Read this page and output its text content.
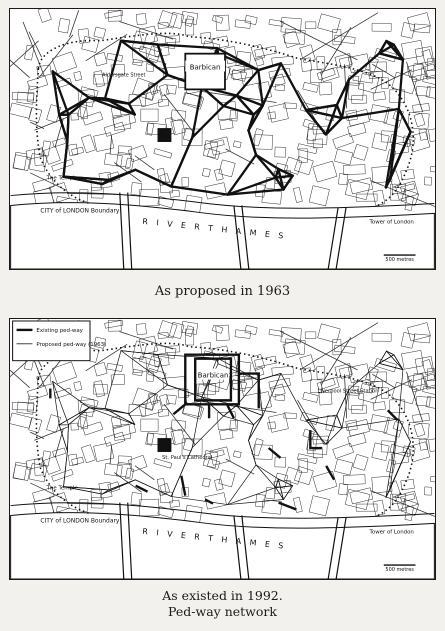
Barbican
Aldersgate Street
The Temple
CITY of LONDON Boundary
R I V E R T H A M E S	Tower of London
500 metres
As proposed in 1963
Existing ped-way
Proposed ped-way (1963)
Barbican
Liverpool Street Station
St. Paul's Cathedral
The Temple
CITY of LONDON Boundary
R I V E R T H A M E S	Tower of London
500 metres
As existed in 1992.
Ped-way network
